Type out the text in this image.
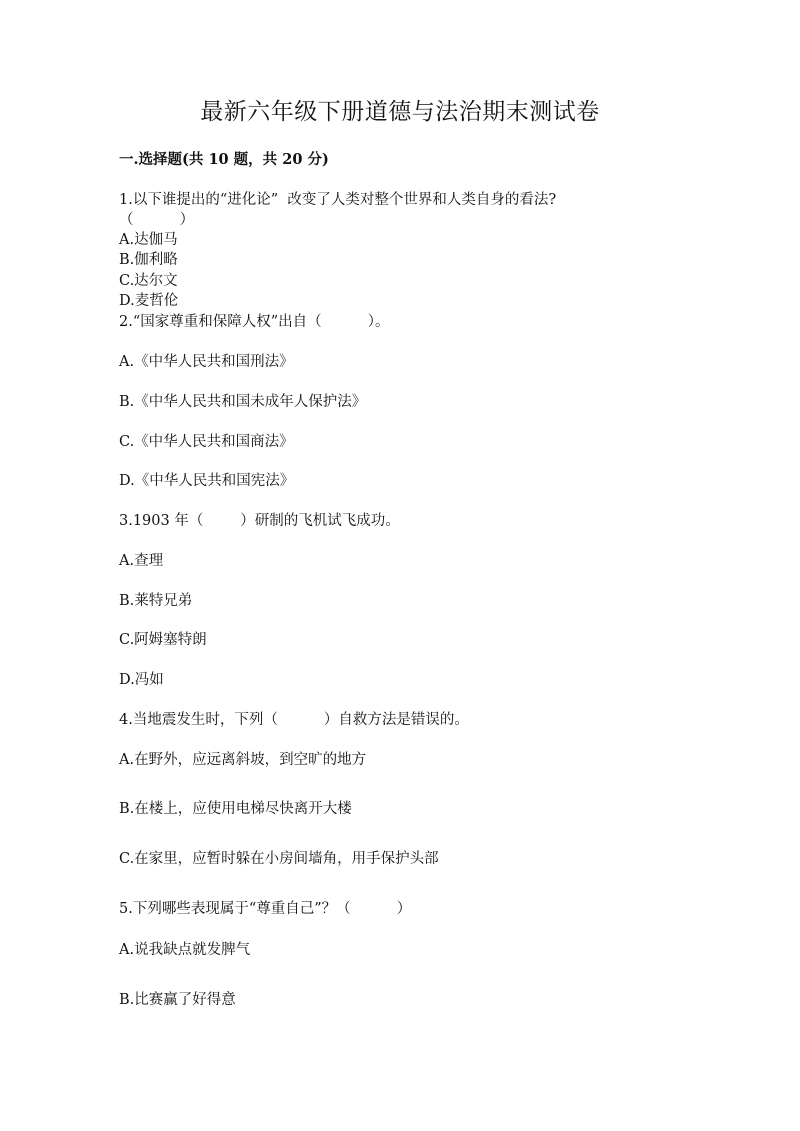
最新六年级下册道德与法治期末测试卷
一.选择题(共 10 题，共 20 分)
1.以下谁提出的“进化论”  改变了人类对整个世界和人类自身的看法?
（          ）
A.达伽马
B.伽利略
C.达尔文
D.麦哲伦
2.“国家尊重和保障人权”出自（          ）。
A.《中华人民共和国刑法》
B.《中华人民共和国未成年人保护法》
C.《中华人民共和国商法》
D.《中华人民共和国宪法》
3.1903 年（        ）研制的飞机试飞成功。
A.查理
B.莱特兄弟
C.阿姆塞特朗
D.冯如
4.当地震发生时，下列（          ）自救方法是错误的。
A.在野外，应远离斜坡，到空旷的地方
B.在楼上，应使用电梯尽快离开大楼
C.在家里，应暂时躲在小房间墙角，用手保护头部
5.下列哪些表现属于“尊重自己”？（          ）
A.说我缺点就发脾气
B.比赛赢了好得意
